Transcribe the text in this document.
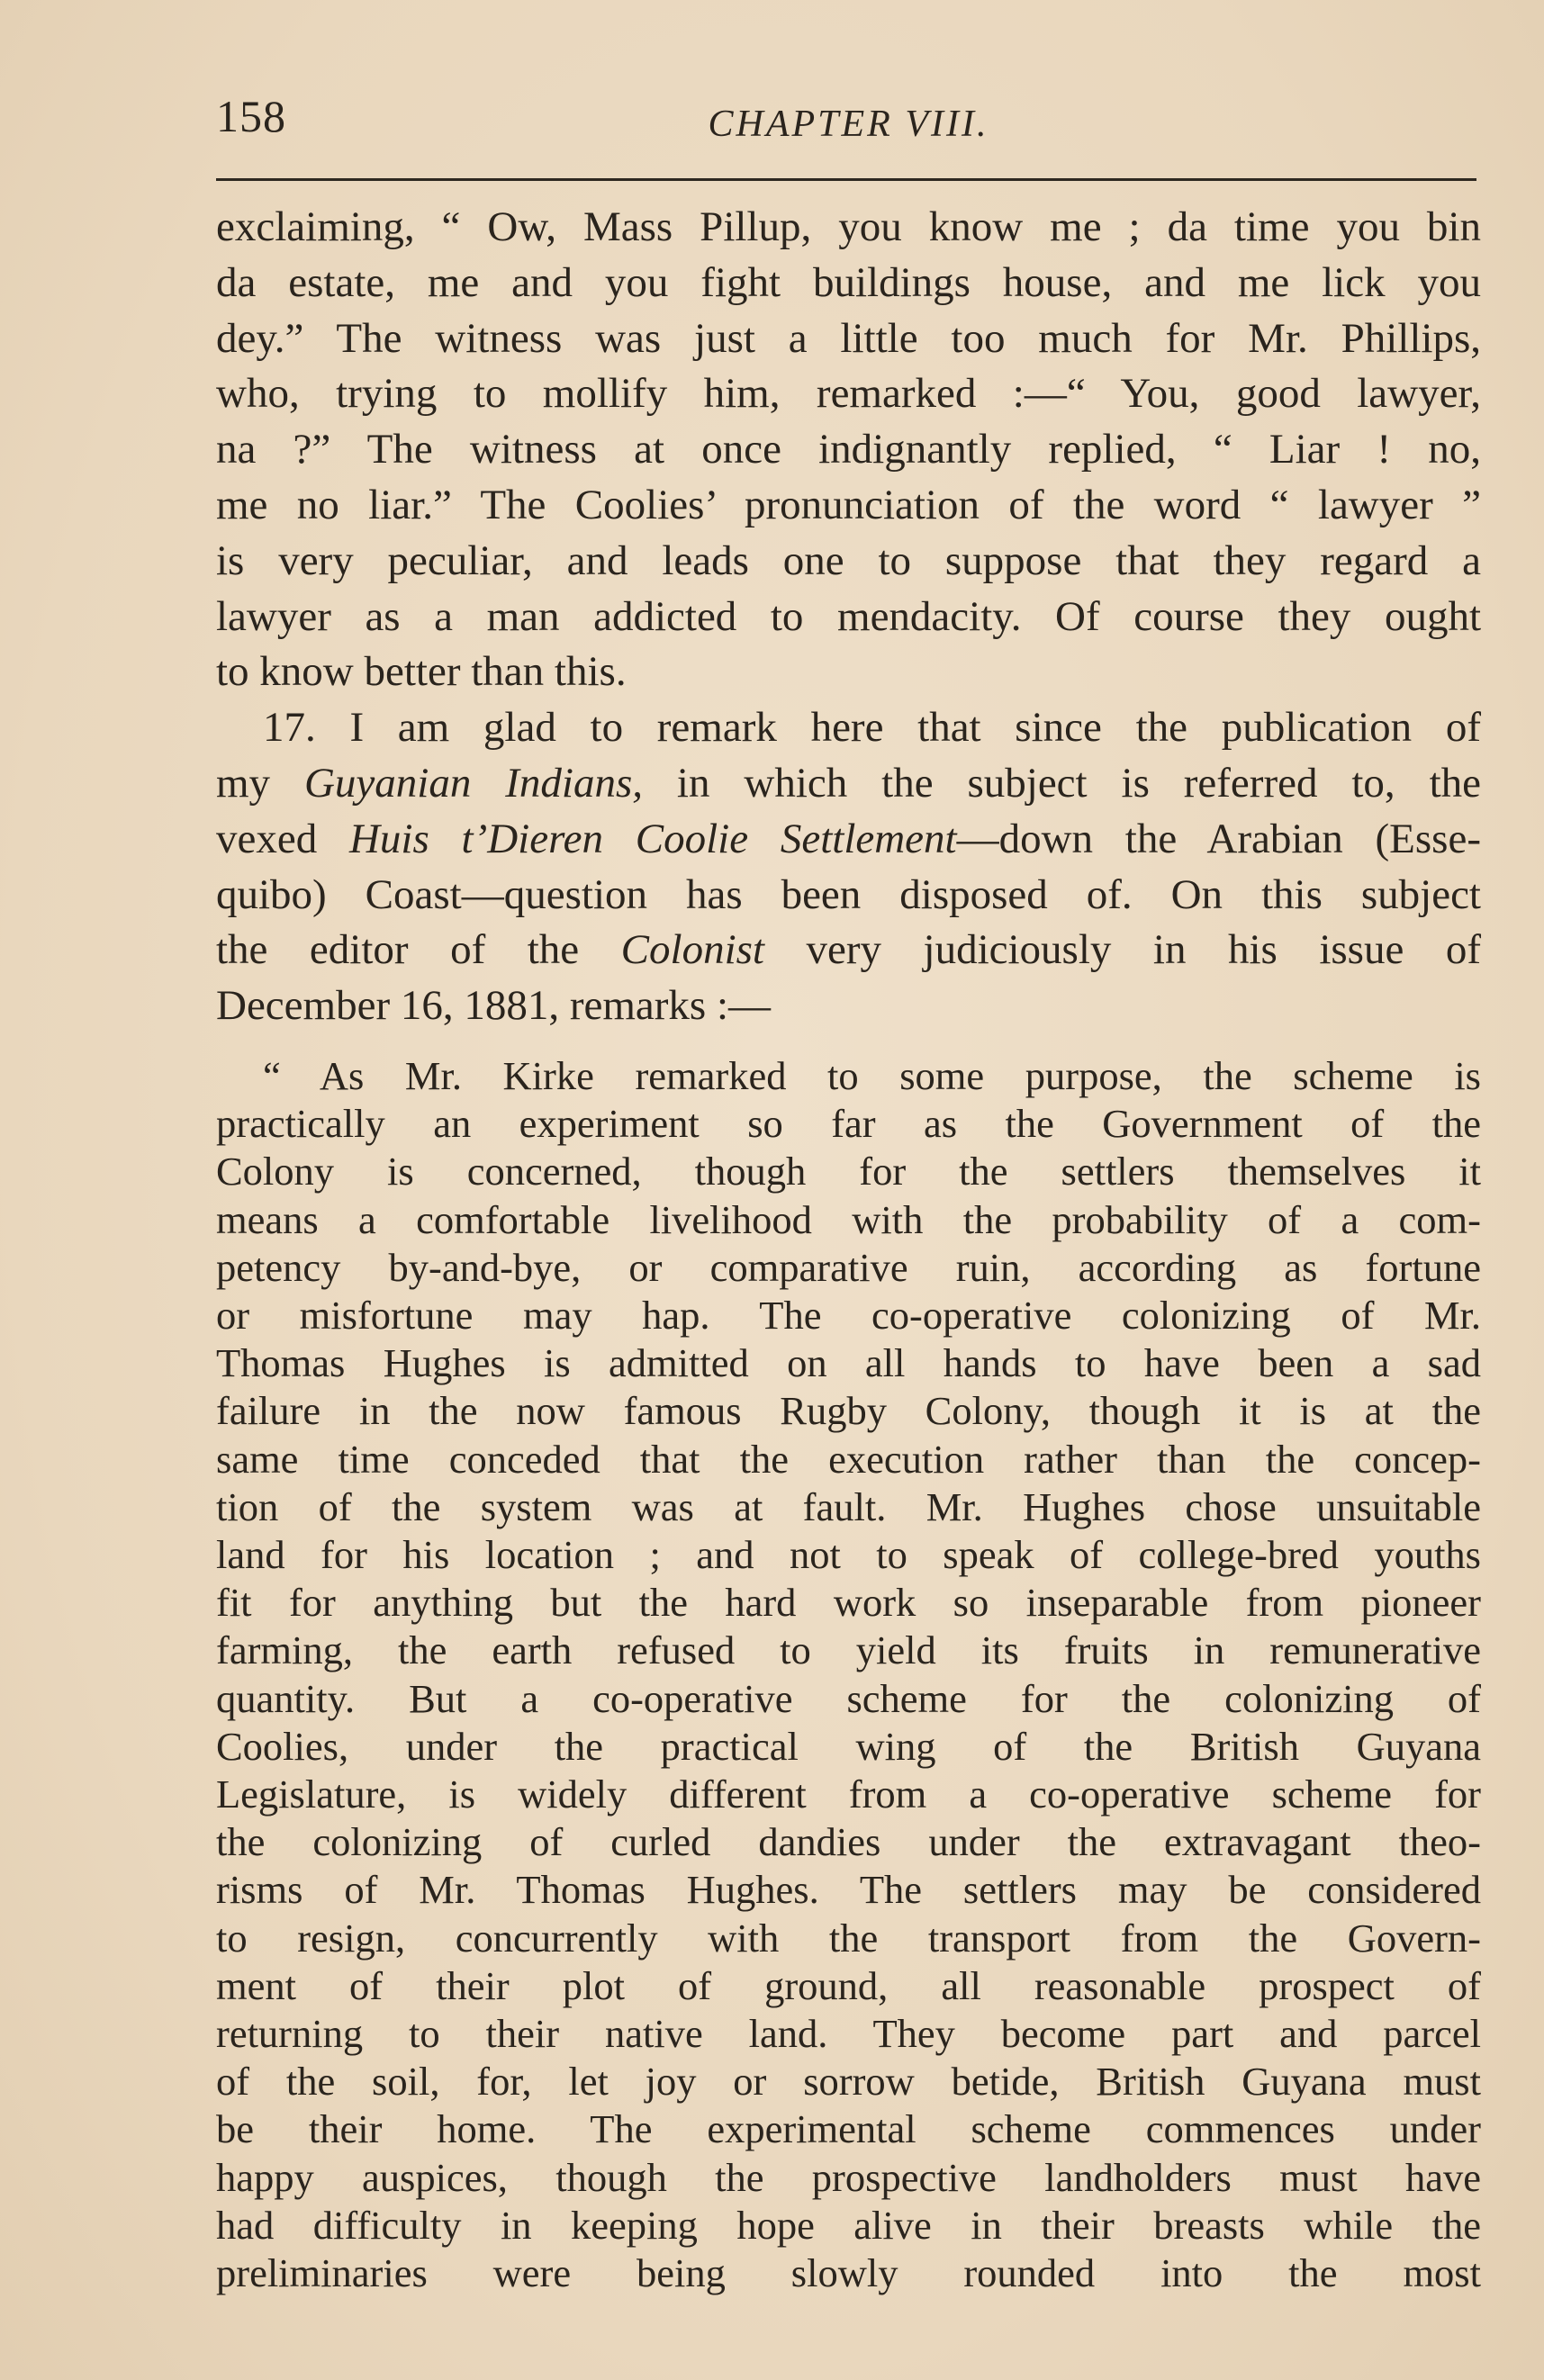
158	CHAPTER VIII.
exclaiming, “ Ow, Mass Pillup, you know me ; da time you bin
da estate, me and you fight buildings house, and me lick you
dey.” The witness was just a little too much for Mr. Phillips,
who, trying to mollify him, remarked :—“ You, good lawyer,
na ?” The witness at once indignantly replied, “ Liar ! no,
me no liar.” The Coolies’ pronunciation of the word “ lawyer ”
is very peculiar, and leads one to suppose that they regard a
lawyer as a man addicted to mendacity. Of course they ought
to know better than this.
17. I am glad to remark here that since the publication of
my Guyanian Indians, in which the subject is referred to, the
vexed Huis t’Dieren Coolie Settlement—down the Arabian (Esse-
quibo) Coast—question has been disposed of. On this subject
the editor of the Colonist very judiciously in his issue of
December 16, 1881, remarks :—
“ As Mr. Kirke remarked to some purpose, the scheme is
practically an experiment so far as the Government of the
Colony is concerned, though for the settlers themselves it
means a comfortable livelihood with the probability of a com-
petency by-and-bye, or comparative ruin, according as fortune
or misfortune may hap. The co-operative colonizing of Mr.
Thomas Hughes is admitted on all hands to have been a sad
failure in the now famous Rugby Colony, though it is at the
same time conceded that the execution rather than the concep-
tion of the system was at fault. Mr. Hughes chose unsuitable
land for his location ; and not to speak of college-bred youths
fit for anything but the hard work so inseparable from pioneer
farming, the earth refused to yield its fruits in remunerative
quantity. But a co-operative scheme for the colonizing of
Coolies, under the practical wing of the British Guyana
Legislature, is widely different from a co-operative scheme for
the colonizing of curled dandies under the extravagant theo-
risms of Mr. Thomas Hughes. The settlers may be considered
to resign, concurrently with the transport from the Govern-
ment of their plot of ground, all reasonable prospect of
returning to their native land. They become part and parcel
of the soil, for, let joy or sorrow betide, British Guyana must
be their home. The experimental scheme commences under
happy auspices, though the prospective landholders must have
had difficulty in keeping hope alive in their breasts while the
preliminaries were being slowly rounded into the most
